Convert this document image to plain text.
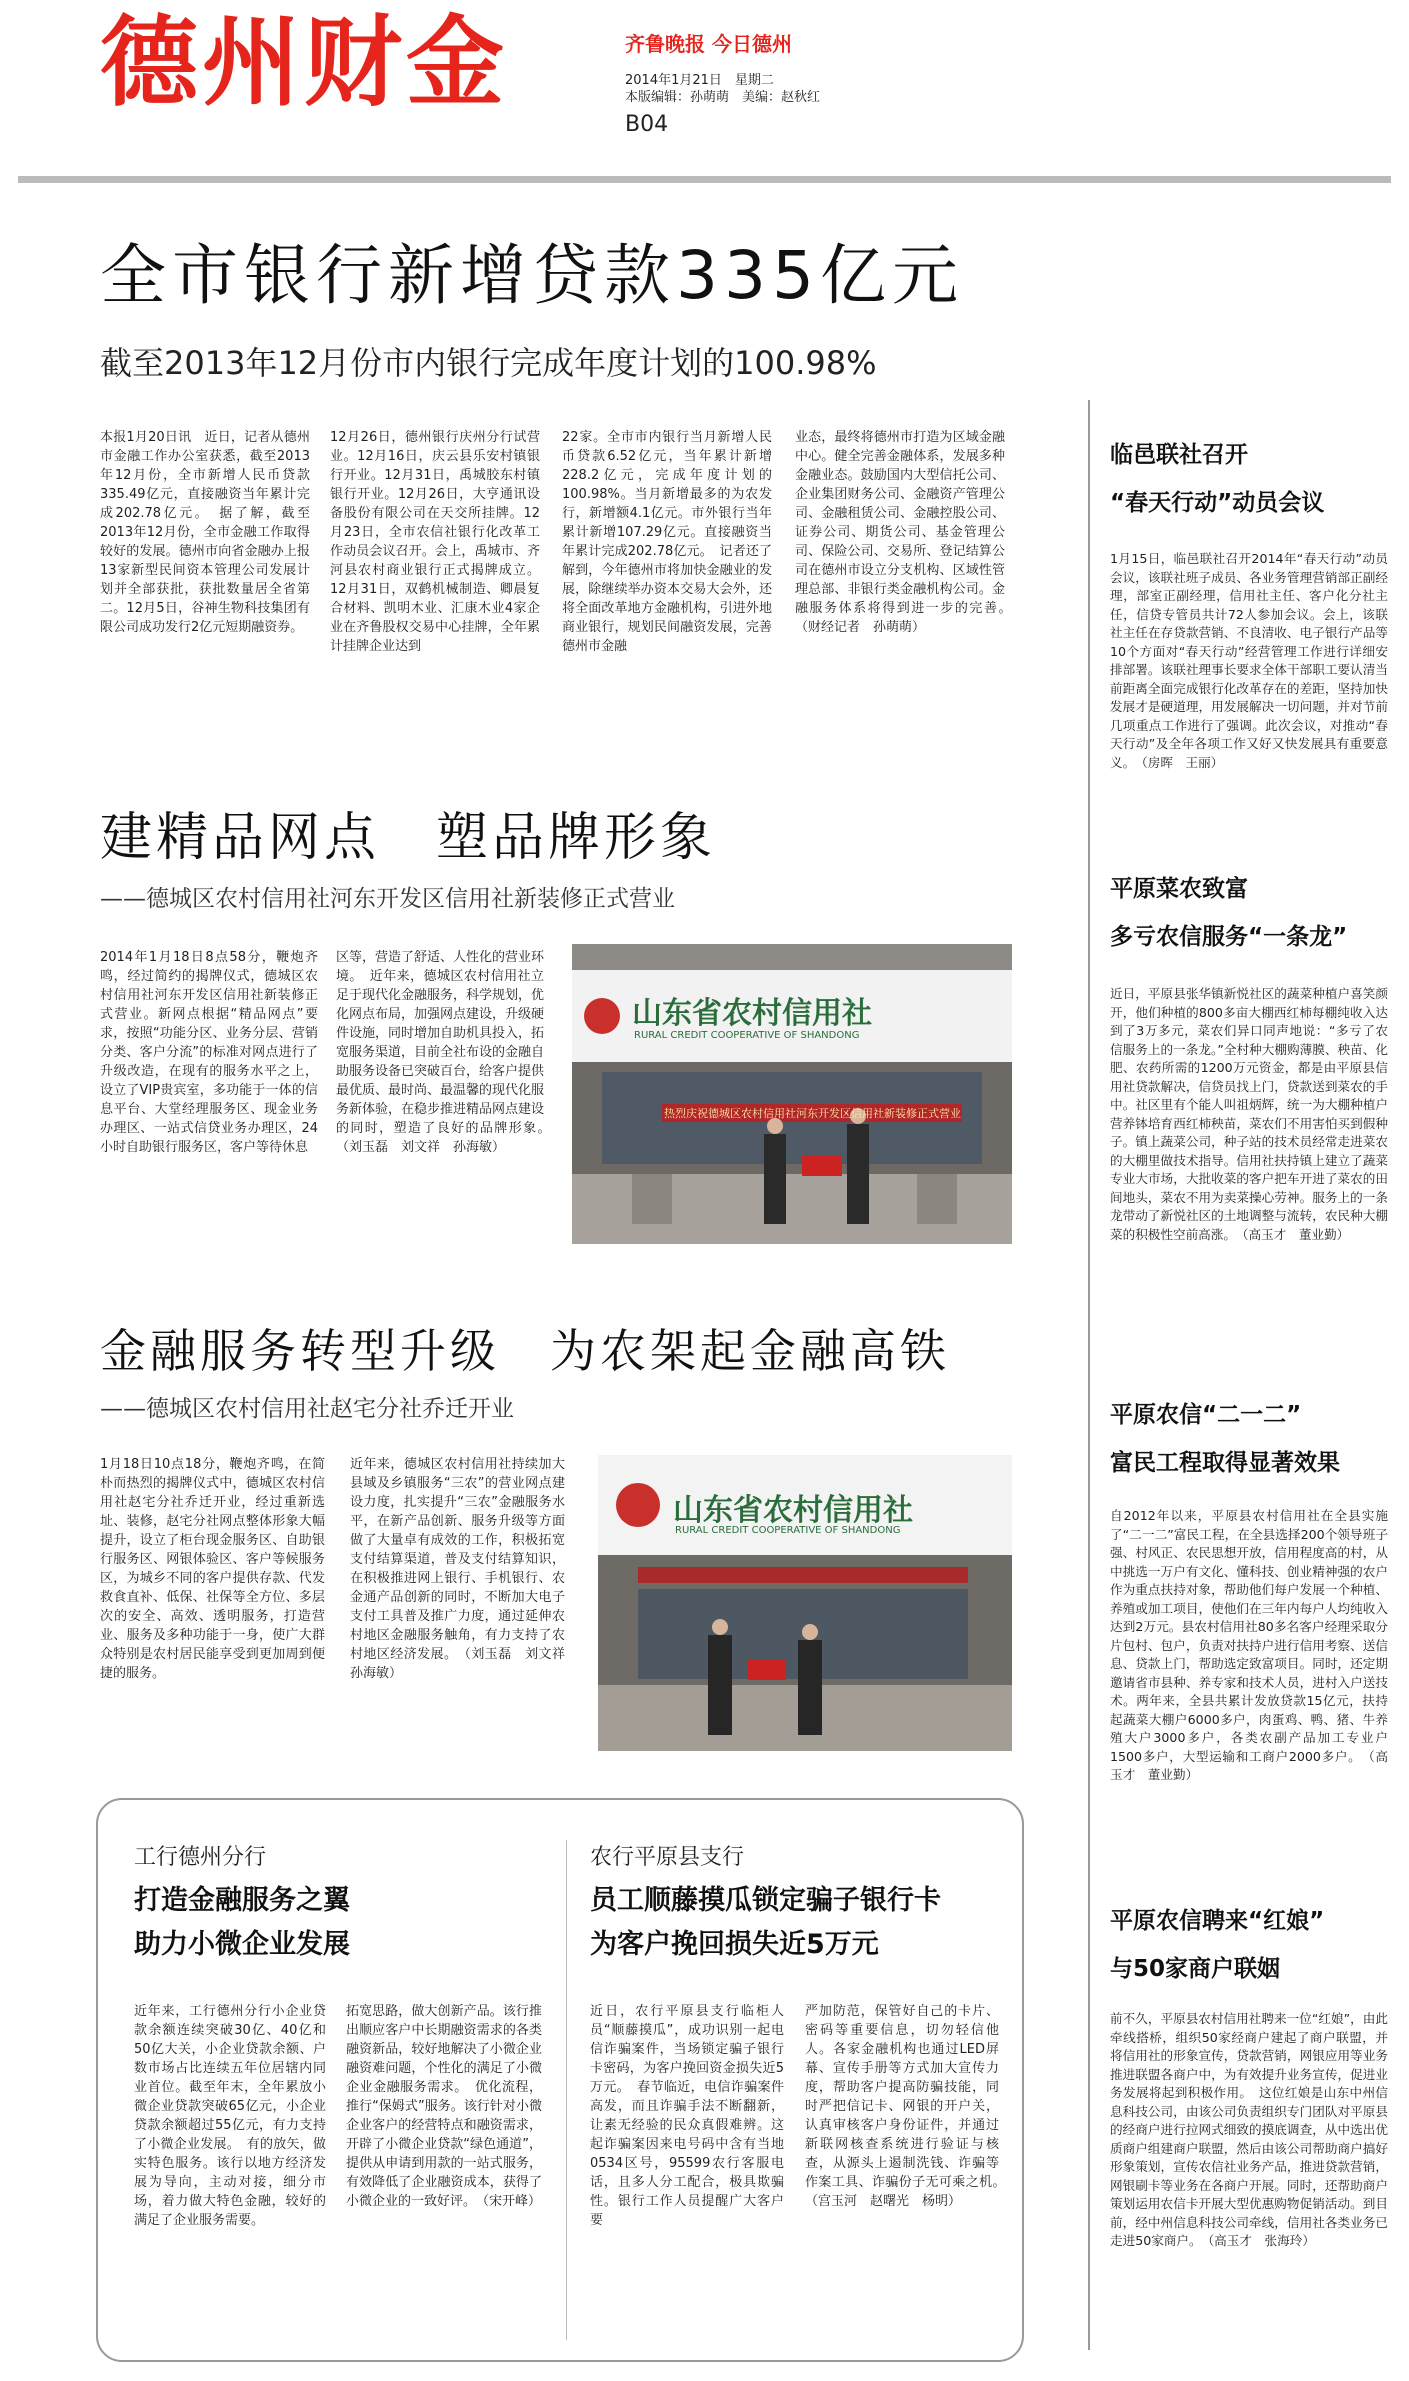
德州财金	齐鲁晚报 今日德州
2014年1月21日　星期二
本版编辑：孙萌萌　美编：赵秋红
B04
全市银行新增贷款335亿元
截至2013年12月份市内银行完成年度计划的100.98%
本报1月20日讯　近日，记者从德州市金融工作办公室获悉，截至2013年12月份，全市新增人民币贷款335.49亿元，直接融资当年累计完成202.78亿元。　据了解，截至2013年12月份，全市金融工作取得较好的发展。德州市向省金融办上报13家新型民间资本管理公司发展计划并全部获批，获批数量居全省第二。12月5日，谷神生物科技集团有限公司成功发行2亿元短期融资券。
12月26日，德州银行庆州分行试营业。12月16日，庆云县乐安村镇银行开业。12月31日，禹城胶东村镇银行开业。12月26日，大亨通讯设备股份有限公司在天交所挂牌。12月23日，全市农信社银行化改革工作动员会议召开。会上，禹城市、齐河县农村商业银行正式揭牌成立。12月31日，双鹤机械制造、卿晨复合材料、凯明木业、汇康木业4家企业在齐鲁股权交易中心挂牌，全年累计挂牌企业达到
22家。全市市内银行当月新增人民币贷款6.52亿元，当年累计新增228.2亿元，完成年度计划的100.98%。当月新增最多的为农发行，新增额4.1亿元。市外银行当年累计新增107.29亿元。直接融资当年累计完成202.78亿元。　记者还了解到，今年德州市将加快金融业的发展，除继续举办资本交易大会外，还将全面改革地方金融机构，引进外地商业银行，规划民间融资发展，完善德州市金融
业态，最终将德州市打造为区域金融中心。健全完善金融体系，发展多种金融业态。鼓励国内大型信托公司、企业集团财务公司、金融资产管理公司、金融租赁公司、金融控股公司、证券公司、期货公司、基金管理公司、保险公司、交易所、登记结算公司在德州市设立分支机构、区域性管理总部、非银行类金融机构公司。金融服务体系将得到进一步的完善。　（财经记者　孙萌萌）
建精品网点　塑品牌形象
——德城区农村信用社河东开发区信用社新装修正式营业
2014年1月18日8点58分，鞭炮齐鸣，经过简约的揭牌仪式，德城区农村信用社河东开发区信用社新装修正式营业。新网点根据“精品网点”要求，按照“功能分区、业务分层、营销分类、客户分流”的标准对网点进行了升级改造，在现有的服务水平之上，设立了VIP贵宾室，多功能于一体的信息平台、大堂经理服务区、现金业务办理区、一站式信贷业务办理区，24小时自助银行服务区，客户等待休息
区等，营造了舒适、人性化的营业环境。　近年来，德城区农村信用社立足于现代化金融服务，科学规划，优化网点布局，加强网点建设，升级硬件设施，同时增加自助机具投入，拓宽服务渠道，目前全社布设的金融自助服务设备已突破百台，给客户提供最优质、最时尚、最温馨的现代化服务新体验，在稳步推进精品网点建设的同时，塑造了良好的品牌形象。　（刘玉磊　刘文祥　孙海敏）
山东省农村信用社
RURAL CREDIT COOPERATIVE OF SHANDONG
热烈庆祝德城区农村信用社河东开发区信用社新装修正式营业
金融服务转型升级　为农架起金融高铁
——德城区农村信用社赵宅分社乔迁开业
1月18日10点18分，鞭炮齐鸣，在简朴而热烈的揭牌仪式中，德城区农村信用社赵宅分社乔迁开业，经过重新选址、装修，赵宅分社网点整体形象大幅提升，设立了柜台现金服务区、自助银行服务区、网银体验区、客户等候服务区，为城乡不同的客户提供存款、代发救食直补、低保、社保等全方位、多层次的安全、高效、透明服务，打造营业、服务及多种功能于一身，使广大群众特别是农村居民能享受到更加周到便捷的服务。
近年来，德城区农村信用社持续加大县域及乡镇服务“三农”的营业网点建设力度，扎实提升“三农”金融服务水平，在新产品创新、服务升级等方面做了大量卓有成效的工作，积极拓宽支付结算渠道，普及支付结算知识，在积极推进网上银行、手机银行、农金通产品创新的同时，不断加大电子支付工具普及推广力度，通过延伸农村地区金融服务触角，有力支持了农村地区经济发展。　（刘玉磊　刘文祥　孙海敏）
山东省农村信用社
RURAL CREDIT COOPERATIVE OF SHANDONG
工行德州分行
打造金融服务之翼
助力小微企业发展
近年来，工行德州分行小企业贷款余额连续突破30亿、40亿和50亿大关，小企业贷款余额、户数市场占比连续五年位居辖内同业首位。截至年末，全年累放小微企业贷款突破65亿元，小企业贷款余额超过55亿元，有力支持了小微企业发展。　有的放矢，做实特色服务。该行以地方经济发展为导向，主动对接，细分市场，着力做大特色金融，较好的满足了企业服务需要。
拓宽思路，做大创新产品。该行推出顺应客户中长期融资需求的各类融资新品，较好地解决了小微企业融资难问题，个性化的满足了小微企业金融服务需求。　优化流程，推行“保姆式”服务。该行针对小微企业客户的经营特点和融资需求，开辟了小微企业贷款“绿色通道”，提供从申请到用款的一站式服务，有效降低了企业融资成本，获得了小微企业的一致好评。　（宋开峰）
农行平原县支行
员工顺藤摸瓜锁定骗子银行卡
为客户挽回损失近5万元
近日，农行平原县支行临柜人员“顺藤摸瓜”，成功识别一起电信诈骗案件，当场锁定骗子银行卡密码，为客户挽回资金损失近5万元。　春节临近，电信诈骗案件高发，而且诈骗手法不断翻新，让素无经验的民众真假难辨。这起诈骗案因来电号码中含有当地0534区号，95599农行客服电话，且多人分工配合，极具欺骗性。银行工作人员提醒广大客户要
严加防范，保管好自己的卡片、密码等重要信息，切勿轻信他人。各家金融机构也通过LED屏幕、宣传手册等方式加大宣传力度，帮助客户提高防骗技能，同时严把信记卡、网银的开户关，认真审核客户身份证件，并通过新联网核查系统进行验证与核查，从源头上遏制洗钱、诈骗等作案工具、诈骗份子无可乘之机。　（宫玉河　赵曙光　杨明）
临邑联社召开
“春天行动”动员会议
1月15日，临邑联社召开2014年“春天行动”动员会议，该联社班子成员、各业务管理营销部正副经理，部室正副经理，信用社主任、客户化分社主任，信贷专管员共计72人参加会议。会上，该联社主任在存贷款营销、不良清收、电子银行产品等10个方面对“春天行动”经营管理工作进行详细安排部署。该联社理事长要求全体干部职工要认清当前距离全面完成银行化改革存在的差距，坚持加快发展才是硬道理，用发展解决一切问题，并对节前几项重点工作进行了强调。此次会议，对推动“春天行动”及全年各项工作又好又快发展具有重要意义。　（房晖　王丽）
平原菜农致富
多亏农信服务“一条龙”
近日，平原县张华镇新悦社区的蔬菜种植户喜笑颜开，他们种植的800多亩大棚西红柿每棚纯收入达到了3万多元，菜农们异口同声地说：“多亏了农信服务上的一条龙。”全村种大棚购薄膜、秧苗、化肥、农药所需的1200万元资金，都是由平原县信用社贷款解决，信贷员找上门，贷款送到菜农的手中。社区里有个能人叫祖炳辉，统一为大棚种植户营养钵培育西红柿秧苗，菜农们不用害怕买到假种子。镇上蔬菜公司，种子站的技术员经常走进菜农的大棚里做技术指导。信用社扶持镇上建立了蔬菜专业大市场，大批收菜的客户把车开进了菜农的田间地头，菜农不用为卖菜操心劳神。服务上的一条龙带动了新悦社区的土地调整与流转，农民种大棚菜的积极性空前高涨。　（高玉才　董业勤）
平原农信“二一二”
富民工程取得显著效果
自2012年以来，平原县农村信用社在全县实施了“二一二”富民工程，在全县选择200个领导班子强、村风正、农民思想开放，信用程度高的村，从中挑选一万户有文化、懂科技、创业精神强的农户作为重点扶持对象，帮助他们每户发展一个种植、养殖或加工项目，使他们在三年内每户人均纯收入达到2万元。县农村信用社80多名客户经理采取分片包村、包户，负责对扶持户进行信用考察、送信息、贷款上门，帮助选定致富项目。同时，还定期邀请省市县种、养专家和技术人员，进村入户送技术。两年来，全县共累计发放贷款15亿元，扶持起蔬菜大棚户6000多户，肉蛋鸡、鸭、猪、牛养殖大户3000多户，各类农副产品加工专业户1500多户，大型运输和工商户2000多户。　（高玉才　董业勤）
平原农信聘来“红娘”
与50家商户联姻
前不久，平原县农村信用社聘来一位“红娘”，由此牵线搭桥，组织50家经商户建起了商户联盟，并将信用社的形象宣传，贷款营销，网银应用等业务推进联盟各商户中，为有效提升业务宣传，促进业务发展将起到积极作用。　这位红娘是山东中州信息科技公司，由该公司负责组织专门团队对平原县的经商户进行拉网式细致的摸底调查，从中选出优质商户组建商户联盟，然后由该公司帮助商户搞好形象策划，宣传农信社业务产品，推进贷款营销，网银刷卡等业务在各商户开展。同时，还帮助商户策划运用农信卡开展大型优惠购物促销活动。到目前，经中州信息科技公司牵线，信用社各类业务已走进50家商户。　（高玉才　张海玲）
